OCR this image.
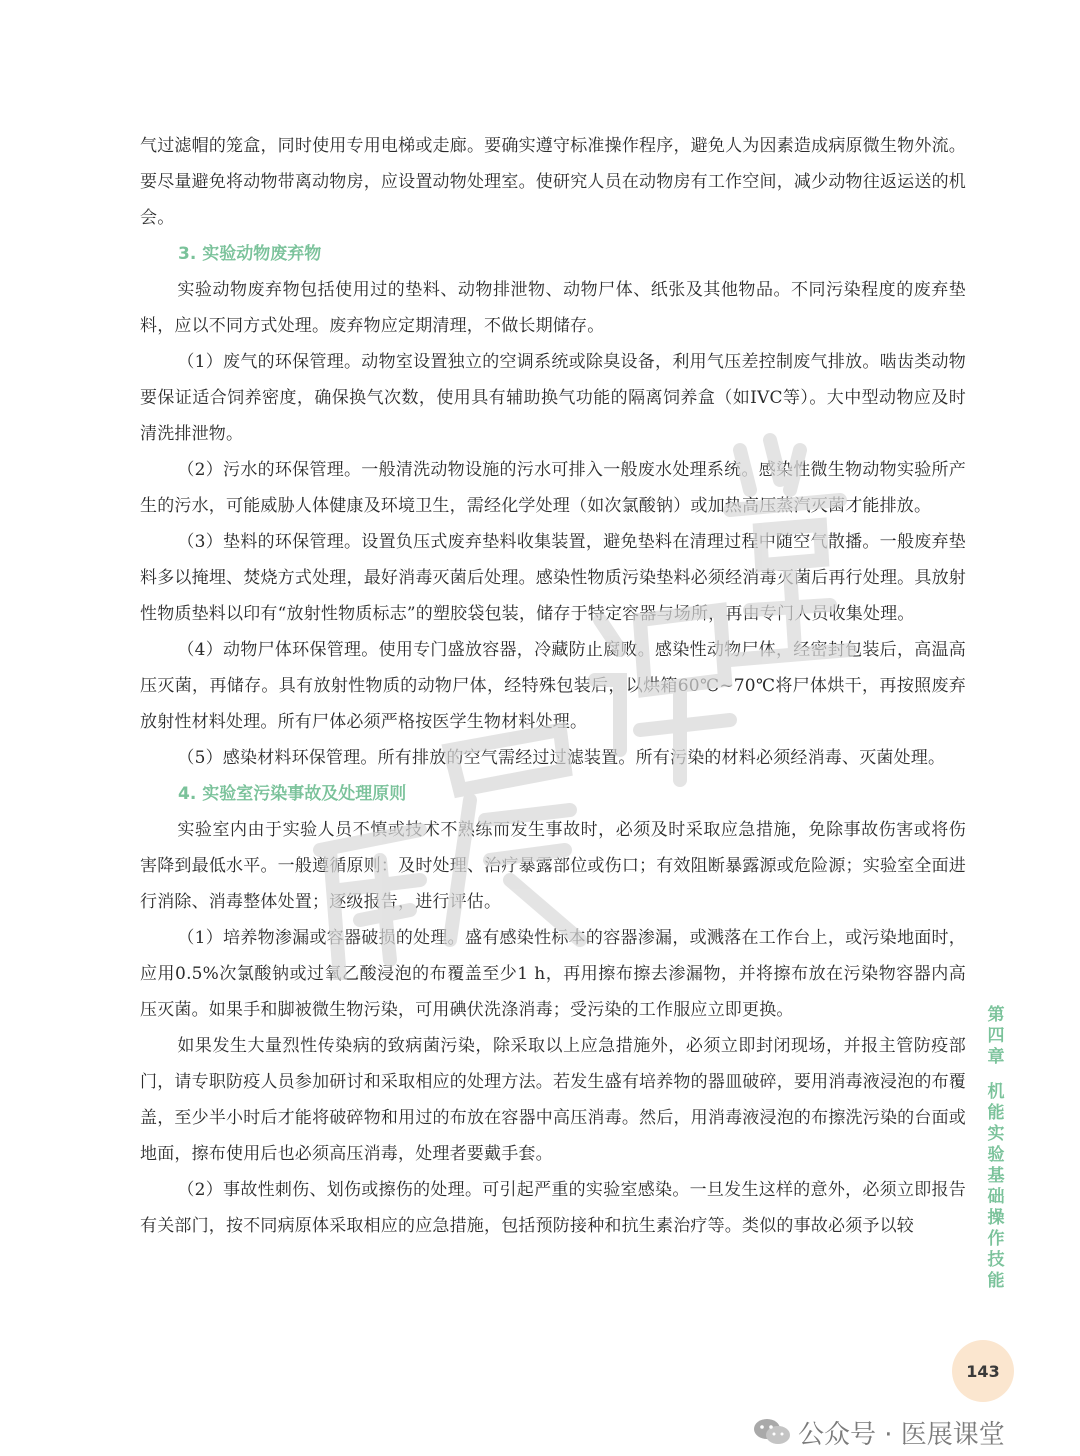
气过滤帽的笼盒，同时使用专用电梯或走廊。要确实遵守标准操作程序，避免人为因素造成病原微生物外流。要尽量避免将动物带离动物房，应设置动物处理室。使研究人员在动物房有工作空间，减少动物往返运送的机会。

3. 实验动物废弃物

实验动物废弃物包括使用过的垫料、动物排泄物、动物尸体、纸张及其他物品。不同污染程度的废弃垫料，应以不同方式处理。废弃物应定期清理，不做长期储存。

（1）废气的环保管理。动物室设置独立的空调系统或除臭设备，利用气压差控制废气排放。啮齿类动物要保证适合饲养密度，确保换气次数，使用具有辅助换气功能的隔离饲养盒（如IVC等）。大中型动物应及时清洗排泄物。

（2）污水的环保管理。一般清洗动物设施的污水可排入一般废水处理系统。感染性微生物动物实验所产生的污水，可能威胁人体健康及环境卫生，需经化学处理（如次氯酸钠）或加热高压蒸汽灭菌才能排放。

（3）垫料的环保管理。设置负压式废弃垫料收集装置，避免垫料在清理过程中随空气散播。一般废弃垫料多以掩埋、焚烧方式处理，最好消毒灭菌后处理。感染性物质污染垫料必须经消毒灭菌后再行处理。具放射性物质垫料以印有“放射性物质标志”的塑胶袋包装，储存于特定容器与场所，再由专门人员收集处理。

（4）动物尸体环保管理。使用专门盛放容器，冷藏防止腐败。感染性动物尸体，经密封包装后，高温高压灭菌，再储存。具有放射性物质的动物尸体，经特殊包装后，以烘箱60℃~70℃将尸体烘干，再按照废弃放射性材料处理。所有尸体必须严格按医学生物材料处理。

（5）感染材料环保管理。所有排放的空气需经过过滤装置。所有污染的材料必须经消毒、灭菌处理。

4. 实验室污染事故及处理原则

实验室内由于实验人员不慎或技术不熟练而发生事故时，必须及时采取应急措施，免除事故伤害或将伤害降到最低水平。一般遵循原则：及时处理、治疗暴露部位或伤口；有效阻断暴露源或危险源；实验室全面进行消除、消毒整体处置；逐级报告，进行评估。

（1）培养物渗漏或容器破损的处理。盛有感染性标本的容器渗漏，或溅落在工作台上，或污染地面时，应用0.5%次氯酸钠或过氧乙酸浸泡的布覆盖至少1 h，再用擦布擦去渗漏物，并将擦布放在污染物容器内高压灭菌。如果手和脚被微生物污染，可用碘伏洗涤消毒；受污染的工作服应立即更换。

如果发生大量烈性传染病的致病菌污染，除采取以上应急措施外，必须立即封闭现场，并报主管防疫部门，请专职防疫人员参加研讨和采取相应的处理方法。若发生盛有培养物的器皿破碎，要用消毒液浸泡的布覆盖，至少半小时后才能将破碎物和用过的布放在容器中高压消毒。然后，用消毒液浸泡的布擦洗污染的台面或地面，擦布使用后也必须高压消毒，处理者要戴手套。

（2）事故性刺伤、划伤或擦伤的处理。可引起严重的实验室感染。一旦发生这样的意外，必须立即报告有关部门，按不同病原体采取相应的应急措施，包括预防接种和抗生素治疗等。类似的事故必须予以较

第四章
机能实验基础操作技能
143
公众号 · 医展课堂
